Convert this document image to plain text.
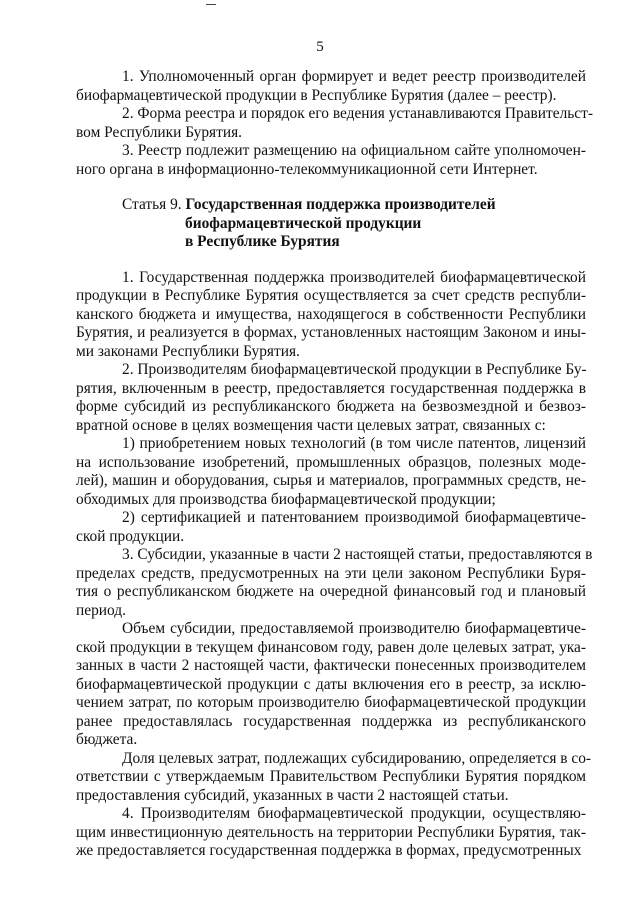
5
1. Уполномоченный орган формирует и ведет реестр производителей
биофармацевтической продукции в Республике Бурятия (далее – реестр).
2. Форма реестра и порядок его ведения устанавливаются Правительст-
вом Республики Бурятия.
3. Реестр подлежит размещению на официальном сайте уполномочен-
ного органа в информационно-телекоммуникационной сети Интернет.
Статья 9. Государственная поддержка производителей
биофармацевтической продукции
в Республике Бурятия
1. Государственная поддержка производителей биофармацевтической
продукции в Республике Бурятия осуществляется за счет средств республи-
канского бюджета и имущества, находящегося в собственности Республики
Бурятия, и реализуется в формах, установленных настоящим Законом и ины-
ми законами Республики Бурятия.
2. Производителям биофармацевтической продукции в Республике Бу-
рятия, включенным в реестр, предоставляется государственная поддержка в
форме субсидий из республиканского бюджета на безвозмездной и безвоз-
вратной основе в целях возмещения части целевых затрат, связанных с:
1) приобретением новых технологий (в том числе патентов, лицензий
на использование изобретений, промышленных образцов, полезных моде-
лей), машин и оборудования, сырья и материалов, программных средств, не-
обходимых для производства биофармацевтической продукции;
2) сертификацией и патентованием производимой биофармацевтиче-
ской продукции.
3. Субсидии, указанные в части 2 настоящей статьи, предоставляются в
пределах средств, предусмотренных на эти цели законом Республики Буря-
тия о республиканском бюджете на очередной финансовый год и плановый
период.
Объем субсидии, предоставляемой производителю биофармацевтиче-
ской продукции в текущем финансовом году, равен доле целевых затрат, ука-
занных в части 2 настоящей части, фактически понесенных производителем
биофармацевтической продукции с даты включения его в реестр, за исклю-
чением затрат, по которым производителю биофармацевтической продукции
ранее предоставлялась государственная поддержка из республиканского
бюджета.
Доля целевых затрат, подлежащих субсидированию, определяется в со-
ответствии с утверждаемым Правительством Республики Бурятия порядком
предоставления субсидий, указанных в части 2 настоящей статьи.
4. Производителям биофармацевтической продукции, осуществляю-
щим инвестиционную деятельность на территории Республики Бурятия, так-
же предоставляется государственная поддержка в формах, предусмотренных
